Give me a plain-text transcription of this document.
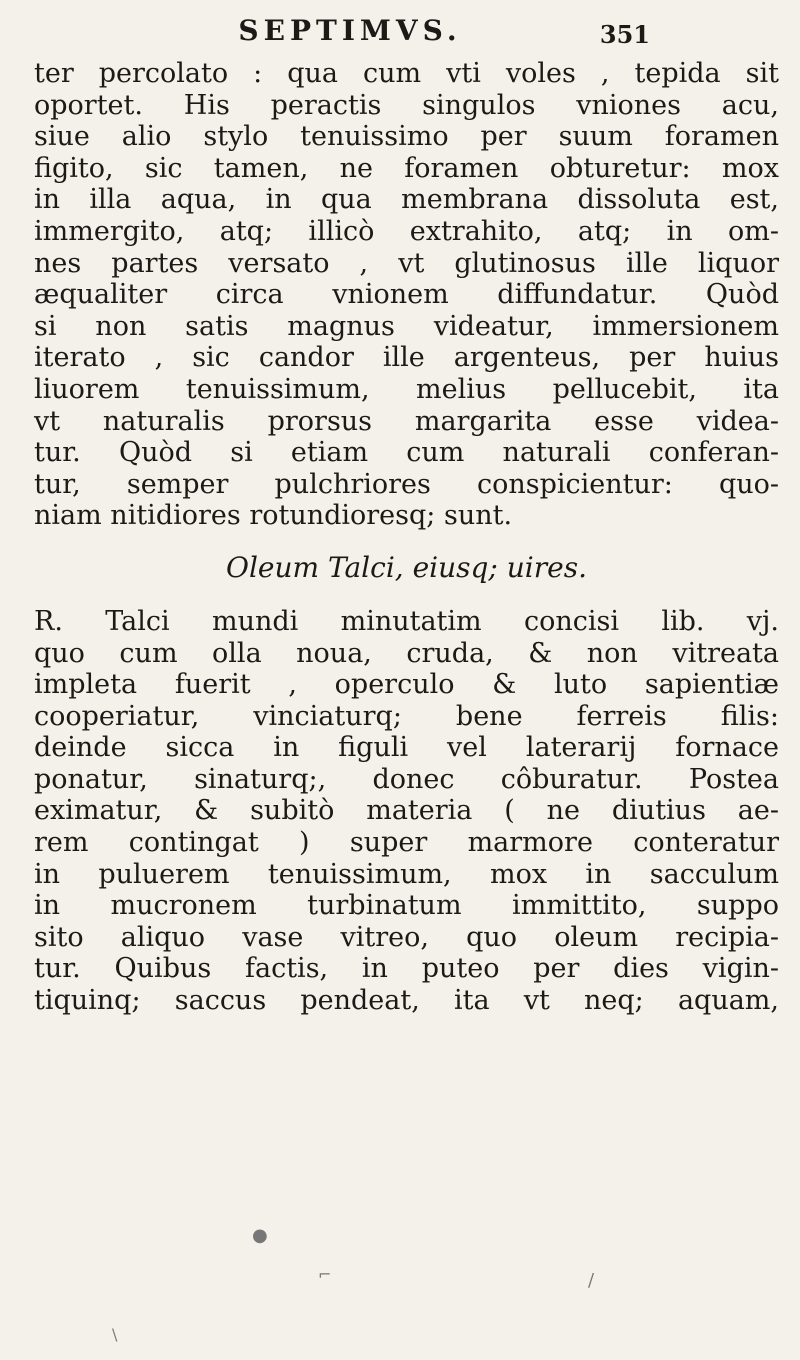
SEPTIMVS.	351
ter percolato : qua cum vti voles , tepida sit
oportet. His peractis singulos vniones acu,
siue alio stylo tenuissimo per suum foramen
figito, sic tamen, ne foramen obturetur: mox
in illa aqua, in qua membrana dissoluta est,
immergito, atq; illicò extrahito, atq; in om-
nes partes versato , vt glutinosus ille liquor
æqualiter circa vnionem diffundatur. Quòd
si non satis magnus videatur, immersionem
iterato , sic candor ille argenteus, per huius
liuorem tenuissimum, melius pellucebit, ita
vt naturalis prorsus margarita esse videa-
tur. Quòd si etiam cum naturali conferan-
tur, semper pulchriores conspicientur: quo-
niam nitidiores rotundioresq; sunt.
Oleum Talci, eiusq; uires.
R. Talci mundi minutatim concisi lib. vj.
quo cum olla noua, cruda, & non vitreata
impleta fuerit , operculo & luto sapientiæ
cooperiatur, vinciaturq; bene ferreis filis:
deinde sicca in figuli vel laterarij fornace
ponatur, sinaturq;, donec côburatur. Postea
eximatur, & subitò materia ( ne diutius ae-
rem contingat ) super marmore conteratur
in puluerem tenuissimum, mox in sacculum
in mucronem turbinatum immittito, suppo
sito aliquo vase vitreo, quo oleum recipia-
tur. Quibus factis, in puteo per dies vigin-
tiquinq; saccus pendeat, ita vt neq; aquam,
●
⌐	/
\
